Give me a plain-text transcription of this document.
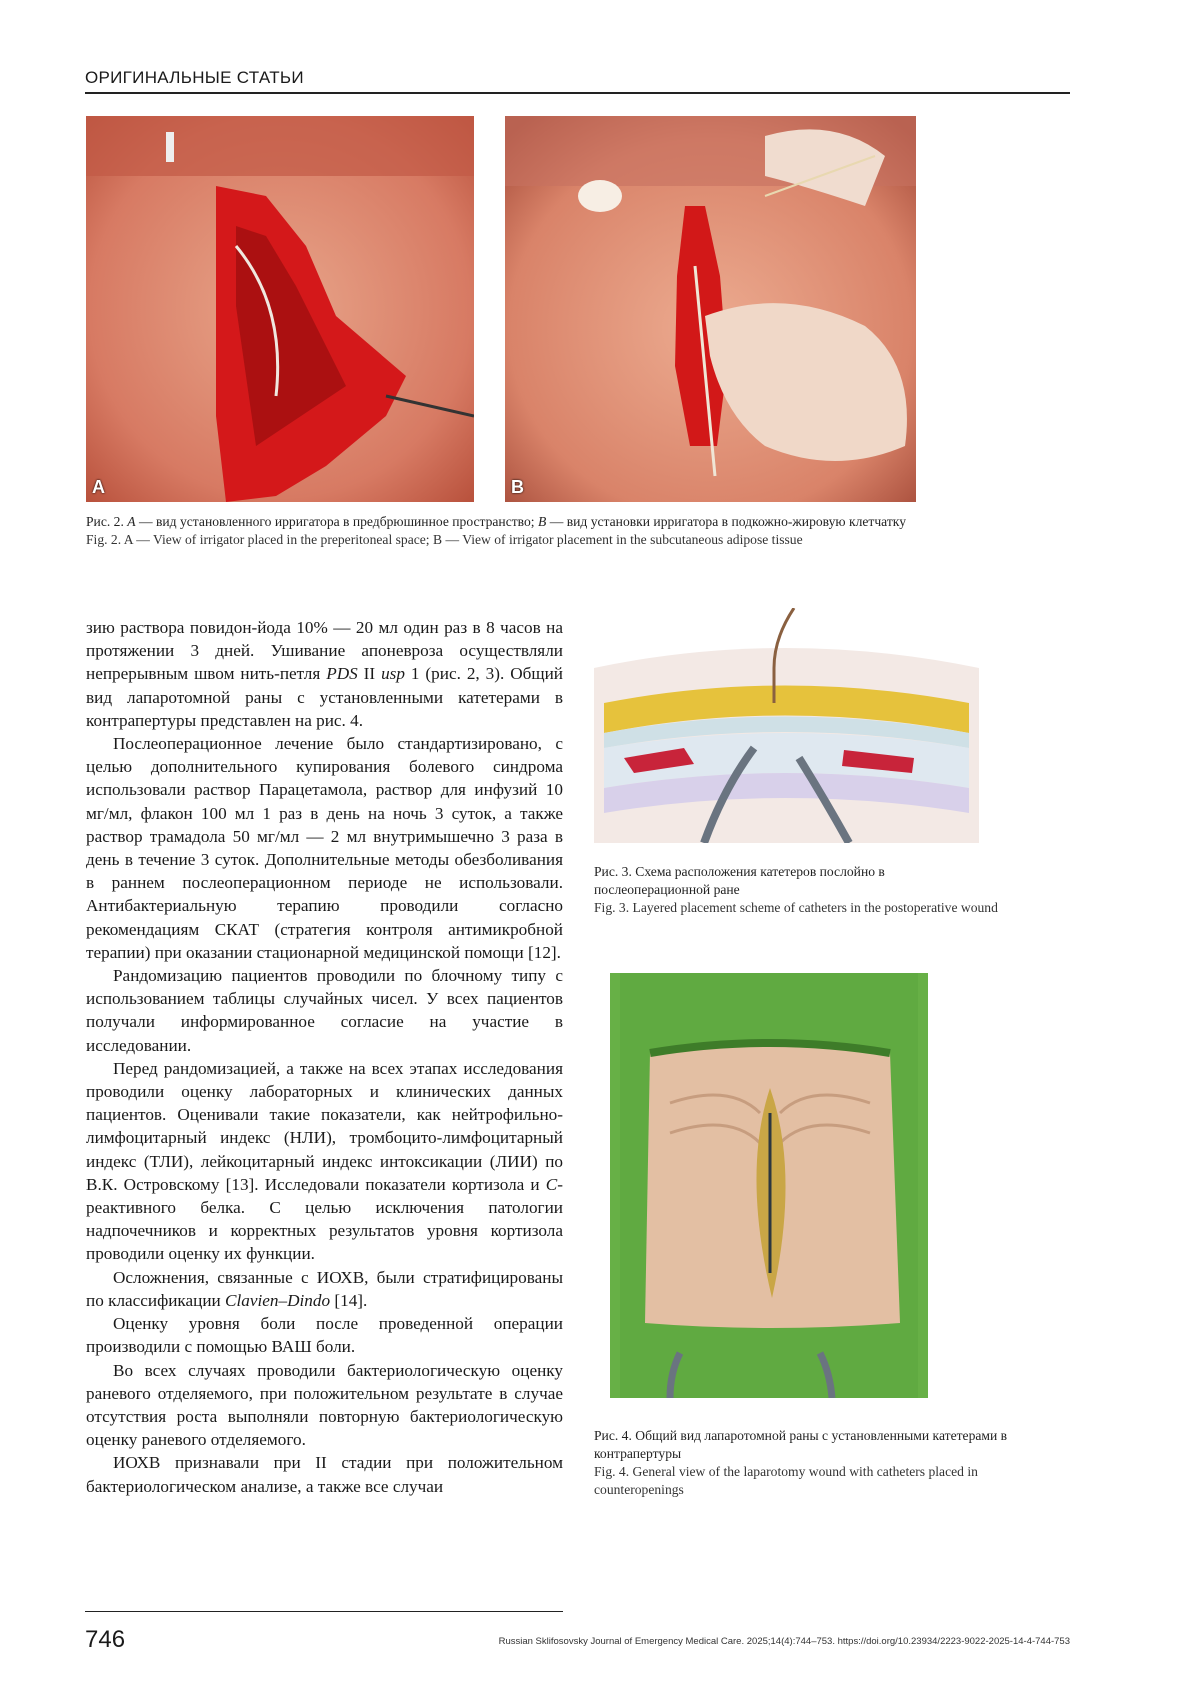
ОРИГИНАЛЬНЫЕ СТАТЬИ
A	B
Рис. 2. А — вид установленного ирригатора в предбрюшинное пространство; B — вид установки ирригатора в подкожно-жировую клетчатку
Fig. 2. A — View of irrigator placed in the preperitoneal space; B — View of irrigator placement in the subcutaneous adipose tissue
Рис. 3. Схема расположения катетеров послойно в послеоперационной ране
Fig. 3. Layered placement scheme of catheters in the postoperative wound
Рис. 4. Общий вид лапаротомной раны с установленными катетерами в контрапертуры
Fig. 4. General view of the laparotomy wound with catheters placed in counteropenings

зию раствора повидон-йода 10% — 20 мл один раз в 8 часов на протяжении 3 дней. Ушивание апоневроза осуществляли непрерывным швом нить-петля PDS II usp 1 (рис. 2, 3). Общий вид лапаротомной раны с установленными катетерами в контрапертуры представлен на рис. 4.

Послеоперационное лечение было стандартизировано, с целью дополнительного купирования болевого синдрома использовали раствор Парацетамола, раствор для инфузий 10 мг/мл, флакон 100 мл 1 раз в день на ночь 3 суток, а также раствор трамадола 50 мг/мл — 2 мл внутримышечно 3 раза в день в течение 3 суток. Дополнительные методы обезболивания в раннем послеоперационном периоде не использовали. Антибактериальную терапию проводили согласно рекомендациям СКАТ (стратегия контроля антимикробной терапии) при оказании стационарной медицинской помощи [12].

Рандомизацию пациентов проводили по блочному типу с использованием таблицы случайных чисел. У всех пациентов получали информированное согласие на участие в исследовании.

Перед рандомизацией, а также на всех этапах исследования проводили оценку лабораторных и клинических данных пациентов. Оценивали такие показатели, как нейтрофильно-лимфоцитарный индекс (НЛИ), тромбоцито-лимфоцитарный индекс (ТЛИ), лейкоцитарный индекс интоксикации (ЛИИ) по В.К. Островскому [13]. Исследовали показатели кортизола и С-реактивного белка. С целью исключения патологии надпочечников и корректных результатов уровня кортизола проводили оценку их функции.

Осложнения, связанные с ИОХВ, были стратифицированы по классификации Clavien–Dindo [14].

Оценку уровня боли после проведенной операции производили с помощью ВАШ боли.

Во всех случаях проводили бактериологическую оценку раневого отделяемого, при положительном результате в случае отсутствия роста выполняли повторную бактериологическую оценку раневого отделяемого.

ИОХВ признавали при II стадии при положительном бактериологическом анализе, а также все случаи

746	Russian Sklifosovsky Journal of Emergency Medical Care. 2025;14(4):744–753. https://doi.org/10.23934/2223-9022-2025-14-4-744-753
